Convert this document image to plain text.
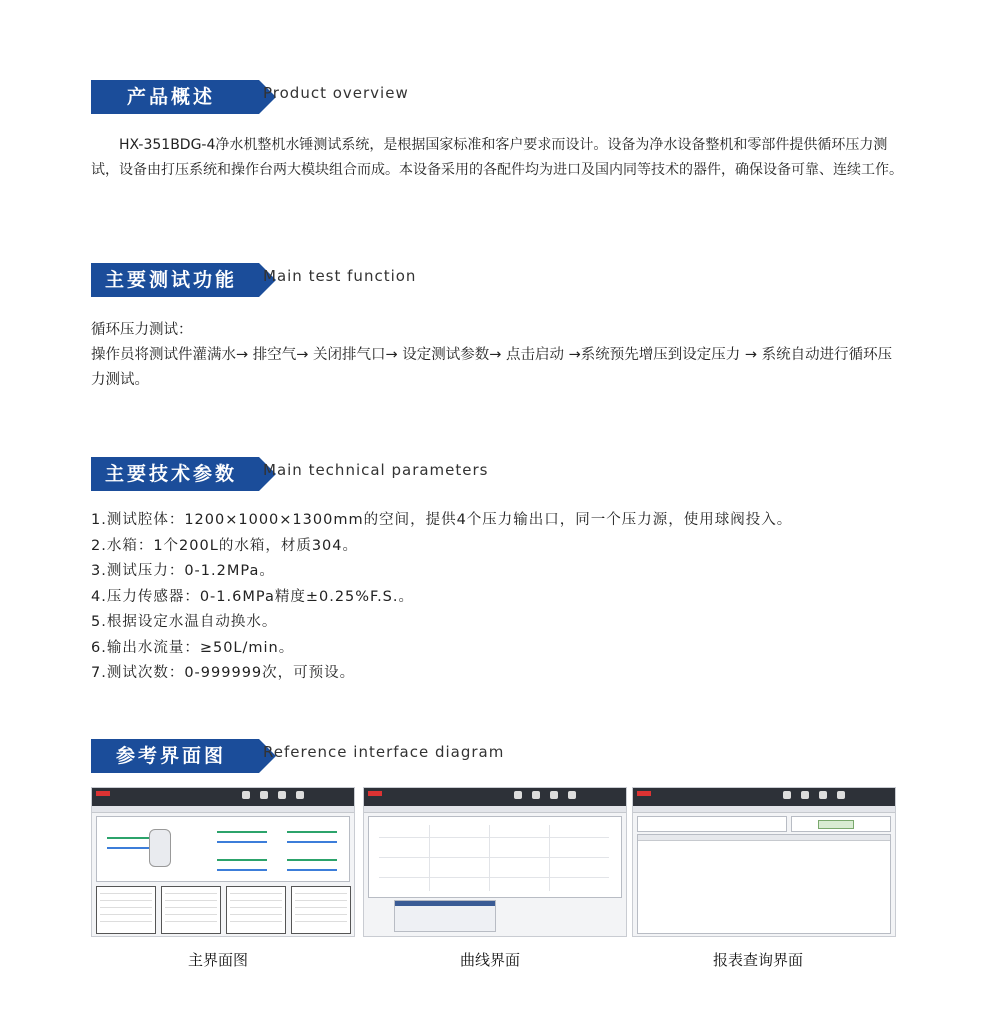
产品概述	Product overview
HX-351BDG-4净水机整机水锤测试系统，是根据国家标准和客户要求而设计。设备为净水设备整机和零部件提供循环压力测试，设备由打压系统和操作台两大模块组合而成。本设备采用的各配件均为进口及国内同等技术的器件，确保设备可靠、连续工作。
主要测试功能	Main test function

循环压力测试：

操作员将测试件灌满水→ 排空气→ 关闭排气口→ 设定测试参数→ 点击启动 →系统预先增压到设定压力 → 系统自动进行循环压力测试。

主要技术参数	Main technical parameters

1.测试腔体：1200×1000×1300mm的空间，提供4个压力输出口，同一个压力源，使用球阀投入。

2.水箱：1个200L的水箱，材质304。

3.测试压力：0-1.2MPa。

4.压力传感器：0-1.6MPa精度±0.25%F.S.。

5.根据设定水温自动换水。

6.输出水流量：≥50L/min。

7.测试次数：0-999999次，可预设。

参考界面图	Reference interface diagram
主界面图	曲线界面	报表查询界面
